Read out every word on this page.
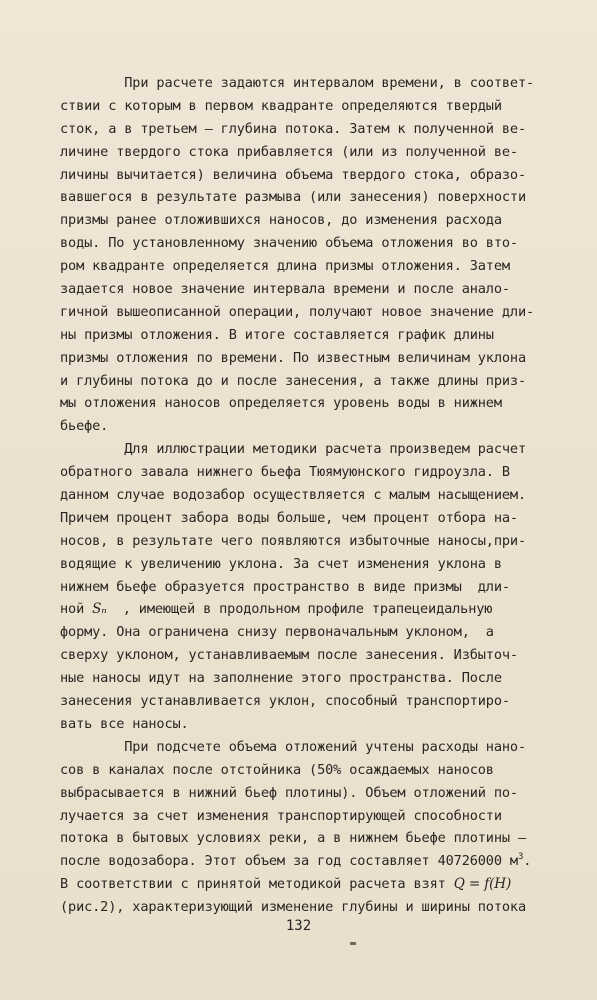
При расчете задаются интервалом времени, в соответ-
ствии с которым в первом квадранте определяются твердый
сток, а в третьем – глубина потока. Затем к полученной ве-
личине твердого стока прибавляется (или из полученной ве-
личины вычитается) величина объема твердого стока, образо-
вавшегося в результате размыва (или занесения) поверхности
призмы ранее отложившихся наносов, до изменения расхода
воды. По установленному значению объема отложения во вто-
ром квадранте определяется длина призмы отложения. Затем
задается новое значение интервала времени и после анало-
гичной вышеописанной операции, получают новое значение дли-
ны призмы отложения. В итоге составляется график длины
призмы отложения по времени. По известным величинам уклона
и глубины потока до и после занесения, а также длины приз-
мы отложения наносов определяется уровень воды в нижнем
бьефе.
Для иллюстрации методики расчета произведем расчет
обратного завала нижнего бьефа Тюямуюнского гидроузла. В
данном случае водозабор осуществляется с малым насыщением.
Причем процент забора воды больше, чем процент отбора на-
носов, в результате чего появляются избыточные наносы,при-
водящие к увеличению уклона. За счет изменения уклона в
нижнем бьефе образуется пространство в виде призмы  дли-
ной Sₙ  , имеющей в продольном профиле трапецеидальную
форму. Она ограничена снизу первоначальным уклоном,  а
сверху уклоном, устанавливаемым после занесения. Избыточ-
ные наносы идут на заполнение этого пространства. После
занесения устанавливается уклон, способный транспортиро-
вать все наносы.
При подсчете объема отложений учтены расходы нано-
сов в каналах после отстойника (50% осаждаемых наносов
выбрасывается в нижний бьеф плотины). Объем отложений по-
лучается за счет изменения транспортирующей способности
потока в бытовых условиях реки, а в нижнем бьефе плотины –
после водозабора. Этот объем за год составляет 40726000 $м^3$.
В соответствии с принятой методикой расчета взят Q = f(H)
(рис.2), характеризующий изменение глубины и ширины потока
132
